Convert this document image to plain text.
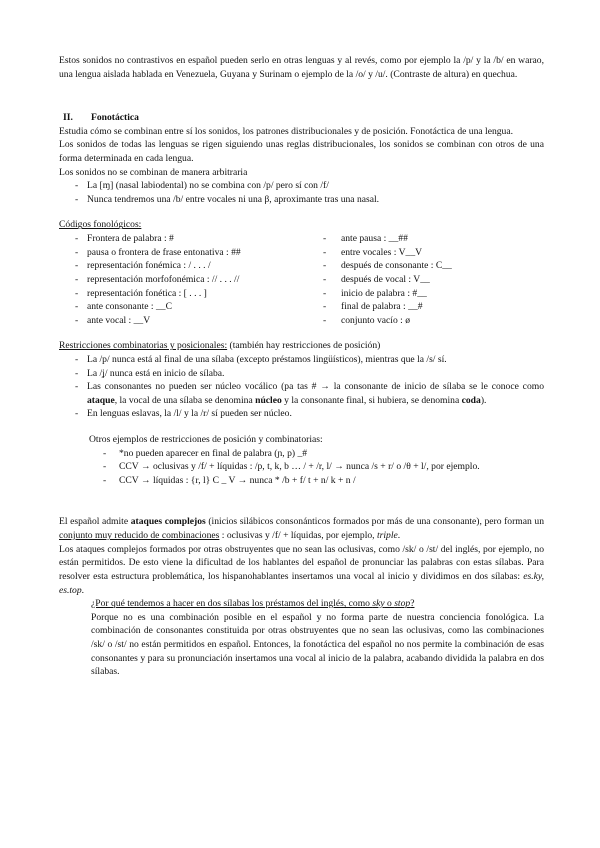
Estos sonidos no contrastivos en español pueden serlo en otras lenguas y al revés, como por ejemplo la /p/ y la /b/ en warao, una lengua aislada hablada en Venezuela, Guyana y Surinam o ejemplo de la /o/ y /u/. (Contraste de altura) en quechua.

II. Fonotáctica

Estudia cómo se combinan entre sí los sonidos, los patrones distribucionales y de posición. Fonotáctica de una lengua.

Los sonidos de todas las lenguas se rigen siguiendo unas reglas distribucionales, los sonidos se combinan con otros de una forma determinada en cada lengua.

Los sonidos no se combinan de manera arbitraria

- La [ɱ] (nasal labiodental) no se combina con /p/ pero sí con /f/
- Nunca tendremos una /b/ entre vocales ni una β, aproximante tras una nasal.

Códigos fonológicos:

- Frontera de palabra : #
- pausa o frontera de frase entonativa : ##
- representación fonémica : / . . . /
- representación morfofonémica : // . . . //
- representación fonética : [ . . . ]
- ante consonante : __C
- ante vocal : __V
- ante pausa : __##
- entre vocales : V__V
- después de consonante : C__
- después de vocal : V__
- inicio de palabra : #__
- final de palabra : __#
- conjunto vacío : ø

Restricciones combinatorias y posicionales: (también hay restricciones de posición)

- La /p/ nunca está al final de una sílaba (excepto préstamos lingüísticos), mientras que la /s/ sí.
- La /ʝ/ nunca está en inicio de sílaba.
- Las consonantes no pueden ser núcleo vocálico (pa tas # → la consonante de inicio de sílaba se le conoce como ataque, la vocal de una sílaba se denomina núcleo y la consonante final, si hubiera, se denomina coda).
- En lenguas eslavas, la /l/ y la /r/ sí pueden ser núcleo.

Otros ejemplos de restricciones de posición y combinatorias:

- *no pueden aparecer en final de palabra (ɲ, p) _#
- CCV → oclusivas y /f/ + líquidas : /p, t, k, b … / + /r, l/ → nunca /s + r/ o /θ + l/, por ejemplo.
- CCV → líquidas : {r, l} C _ V → nunca * /b + f/ t + n/ k + n /

El español admite ataques complejos (inicios silábicos consonánticos formados por más de una consonante), pero forman un conjunto muy reducido de combinaciones : oclusivas y /f/ + líquidas, por ejemplo, triple.

Los ataques complejos formados por otras obstruyentes que no sean las oclusivas, como /sk/ o /st/ del inglés, por ejemplo, no están permitidos. De esto viene la dificultad de los hablantes del español de pronunciar las palabras con estas sílabas. Para resolver esta estructura problemática, los hispanohablantes insertamos una vocal al inicio y dividimos en dos sílabas: es.ky, es.top.

¿Por qué tendemos a hacer en dos sílabas los préstamos del inglés, como sky o stop?

Porque no es una combinación posible en el español y no forma parte de nuestra conciencia fonológica. La combinación de consonantes constituida por otras obstruyentes que no sean las oclusivas, como las combinaciones /sk/ o /st/ no están permitidos en español. Entonces, la fonotáctica del español no nos permite la combinación de esas consonantes y para su pronunciación insertamos una vocal al inicio de la palabra, acabando dividida la palabra en dos sílabas.
